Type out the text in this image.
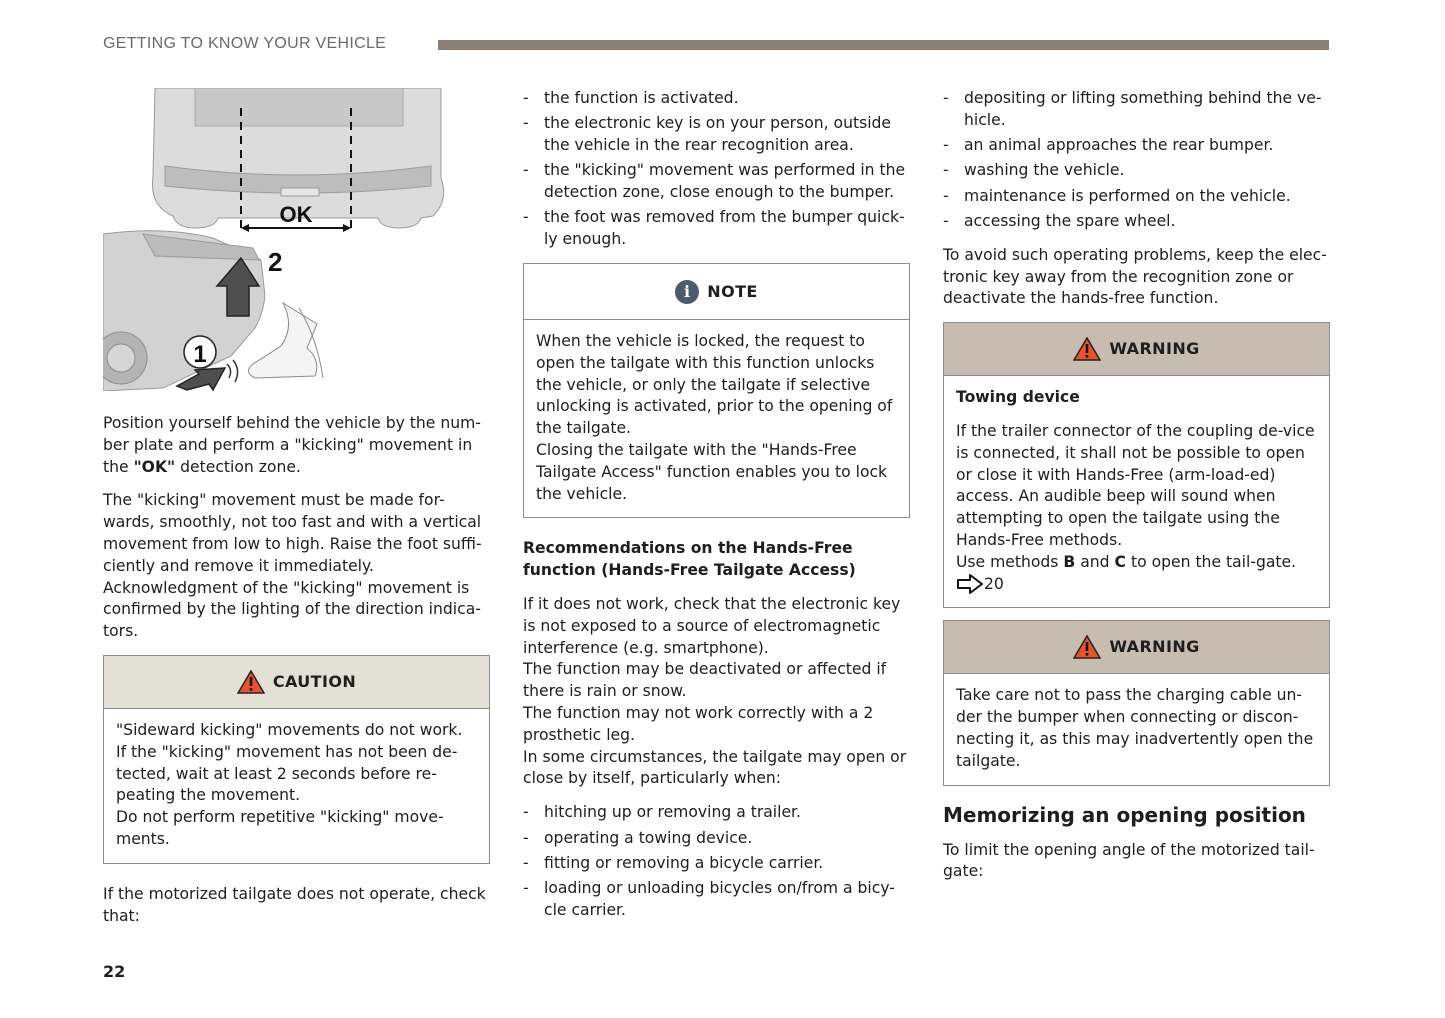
GETTING TO KNOW YOUR VEHICLE
OK
2
1

Position yourself behind the vehicle by the num-ber plate and perform a "kicking" movement in the "OK" detection zone.

The "kicking" movement must be made for-wards, smoothly, not too fast and with a vertical movement from low to high. Raise the foot suffi-ciently and remove it immediately.
Acknowledgment of the "kicking" movement is confirmed by the lighting of the direction indica-tors.

CAUTION

"Sideward kicking" movements do not work.
If the "kicking" movement has not been de-tected, wait at least 2 seconds before re-peating the movement.
Do not perform repetitive "kicking" move-ments.

If the motorized tailgate does not operate, check that:

- the function is activated.
- the electronic key is on your person, outside the vehicle in the rear recognition area.
- the "kicking" movement was performed in the detection zone, close enough to the bumper.
- the foot was removed from the bumper quick-ly enough.
i	NOTE

When the vehicle is locked, the request to open the tailgate with this function unlocks the vehicle, or only the tailgate if selective unlocking is activated, prior to the opening of the tailgate.
Closing the tailgate with the "Hands-Free Tailgate Access" function enables you to lock the vehicle.

Recommendations on the Hands-Free function (Hands-Free Tailgate Access)

If it does not work, check that the electronic key is not exposed to a source of electromagnetic interference (e.g. smartphone).
The function may be deactivated or affected if there is rain or snow.
The function may not work correctly with a 2 prosthetic leg.
In some circumstances, the tailgate may open or close by itself, particularly when:

- hitching up or removing a trailer.
- operating a towing device.
- fitting or removing a bicycle carrier.
- loading or unloading bicycles on/from a bicy-cle carrier.
- depositing or lifting something behind the ve-hicle.
- an animal approaches the rear bumper.
- washing the vehicle.
- maintenance is performed on the vehicle.
- accessing the spare wheel.

To avoid such operating problems, keep the elec-tronic key away from the recognition zone or deactivate the hands-free function.

WARNING
Towing device

If the trailer connector of the coupling de-vice is connected, it shall not be possible to open or close it with Hands-Free (arm-load-ed) access. An audible beep will sound when attempting to open the tailgate using the Hands-Free methods.
Use methods B and C to open the tail-gate. 20

WARNING

Take care not to pass the charging cable un-der the bumper when connecting or discon-necting it, as this may inadvertently open the tailgate.

Memorizing an opening position

To limit the opening angle of the motorized tail-gate:

22
